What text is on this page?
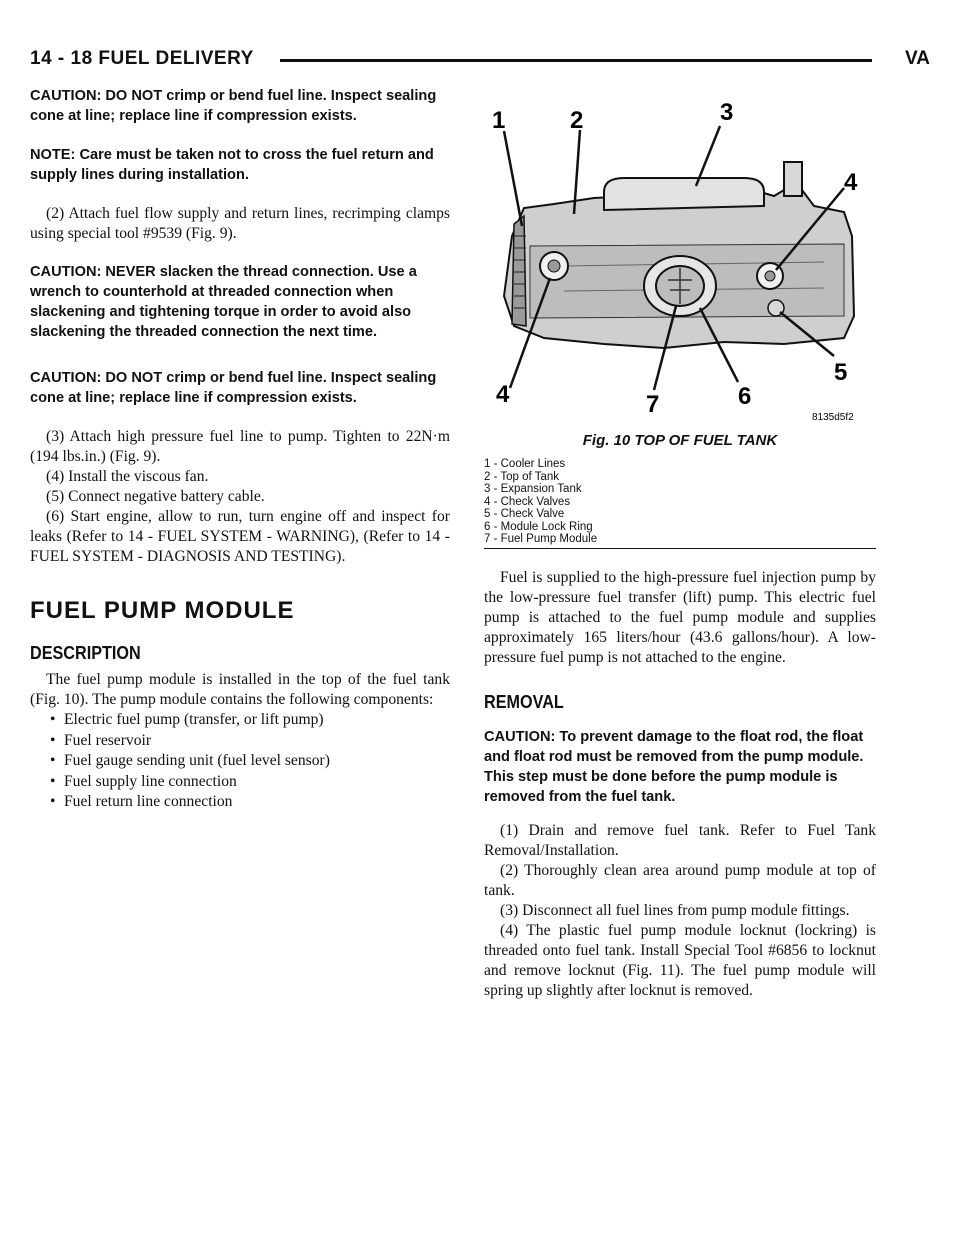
14 - 18 FUEL DELIVERY	VA

CAUTION: DO NOT crimp or bend fuel line. Inspect sealing cone at line; replace line if compression exists.

NOTE: Care must be taken not to cross the fuel return and supply lines during installation.

(2) Attach fuel flow supply and return lines, recrimping clamps using special tool #9539 (Fig. 9).

CAUTION: NEVER slacken the thread connection. Use a wrench to counterhold at threaded connection when slackening and tightening torque in order to avoid also slackening the threaded connection the next time.

CAUTION: DO NOT crimp or bend fuel line. Inspect sealing cone at line; replace line if compression exists.

(3) Attach high pressure fuel line to pump. Tighten to 22N·m (194 lbs.in.) (Fig. 9).

(4) Install the viscous fan.

(5) Connect negative battery cable.

(6) Start engine, allow to run, turn engine off and inspect for leaks (Refer to 14 - FUEL SYSTEM - WARNING), (Refer to 14 - FUEL SYSTEM - DIAGNOSIS AND TESTING).

FUEL PUMP MODULE
DESCRIPTION

The fuel pump module is installed in the top of the fuel tank (Fig. 10). The pump module contains the following components:

• Electric fuel pump (transfer, or lift pump)
• Fuel reservoir
• Fuel gauge sending unit (fuel level sensor)
• Fuel supply line connection
• Fuel return line connection
1	2	3
4
4
5
6
7	8135d5f2
Fig. 10 TOP OF FUEL TANK
1 - Cooler Lines
2 - Top of Tank
3 - Expansion Tank
4 - Check Valves
5 - Check Valve
6 - Module Lock Ring
7 - Fuel Pump Module

Fuel is supplied to the high-pressure fuel injection pump by the low-pressure fuel transfer (lift) pump. This electric fuel pump is attached to the fuel pump module and supplies approximately 165 liters/hour (43.6 gallons/hour). A low-pressure fuel pump is not attached to the engine.

REMOVAL

CAUTION: To prevent damage to the float rod, the float and float rod must be removed from the pump module. This step must be done before the pump module is removed from the fuel tank.

(1) Drain and remove fuel tank. Refer to Fuel Tank Removal/Installation.

(2) Thoroughly clean area around pump module at top of tank.

(3) Disconnect all fuel lines from pump module fittings.

(4) The plastic fuel pump module locknut (lockring) is threaded onto fuel tank. Install Special Tool #6856 to locknut and remove locknut (Fig. 11). The fuel pump module will spring up slightly after locknut is removed.
